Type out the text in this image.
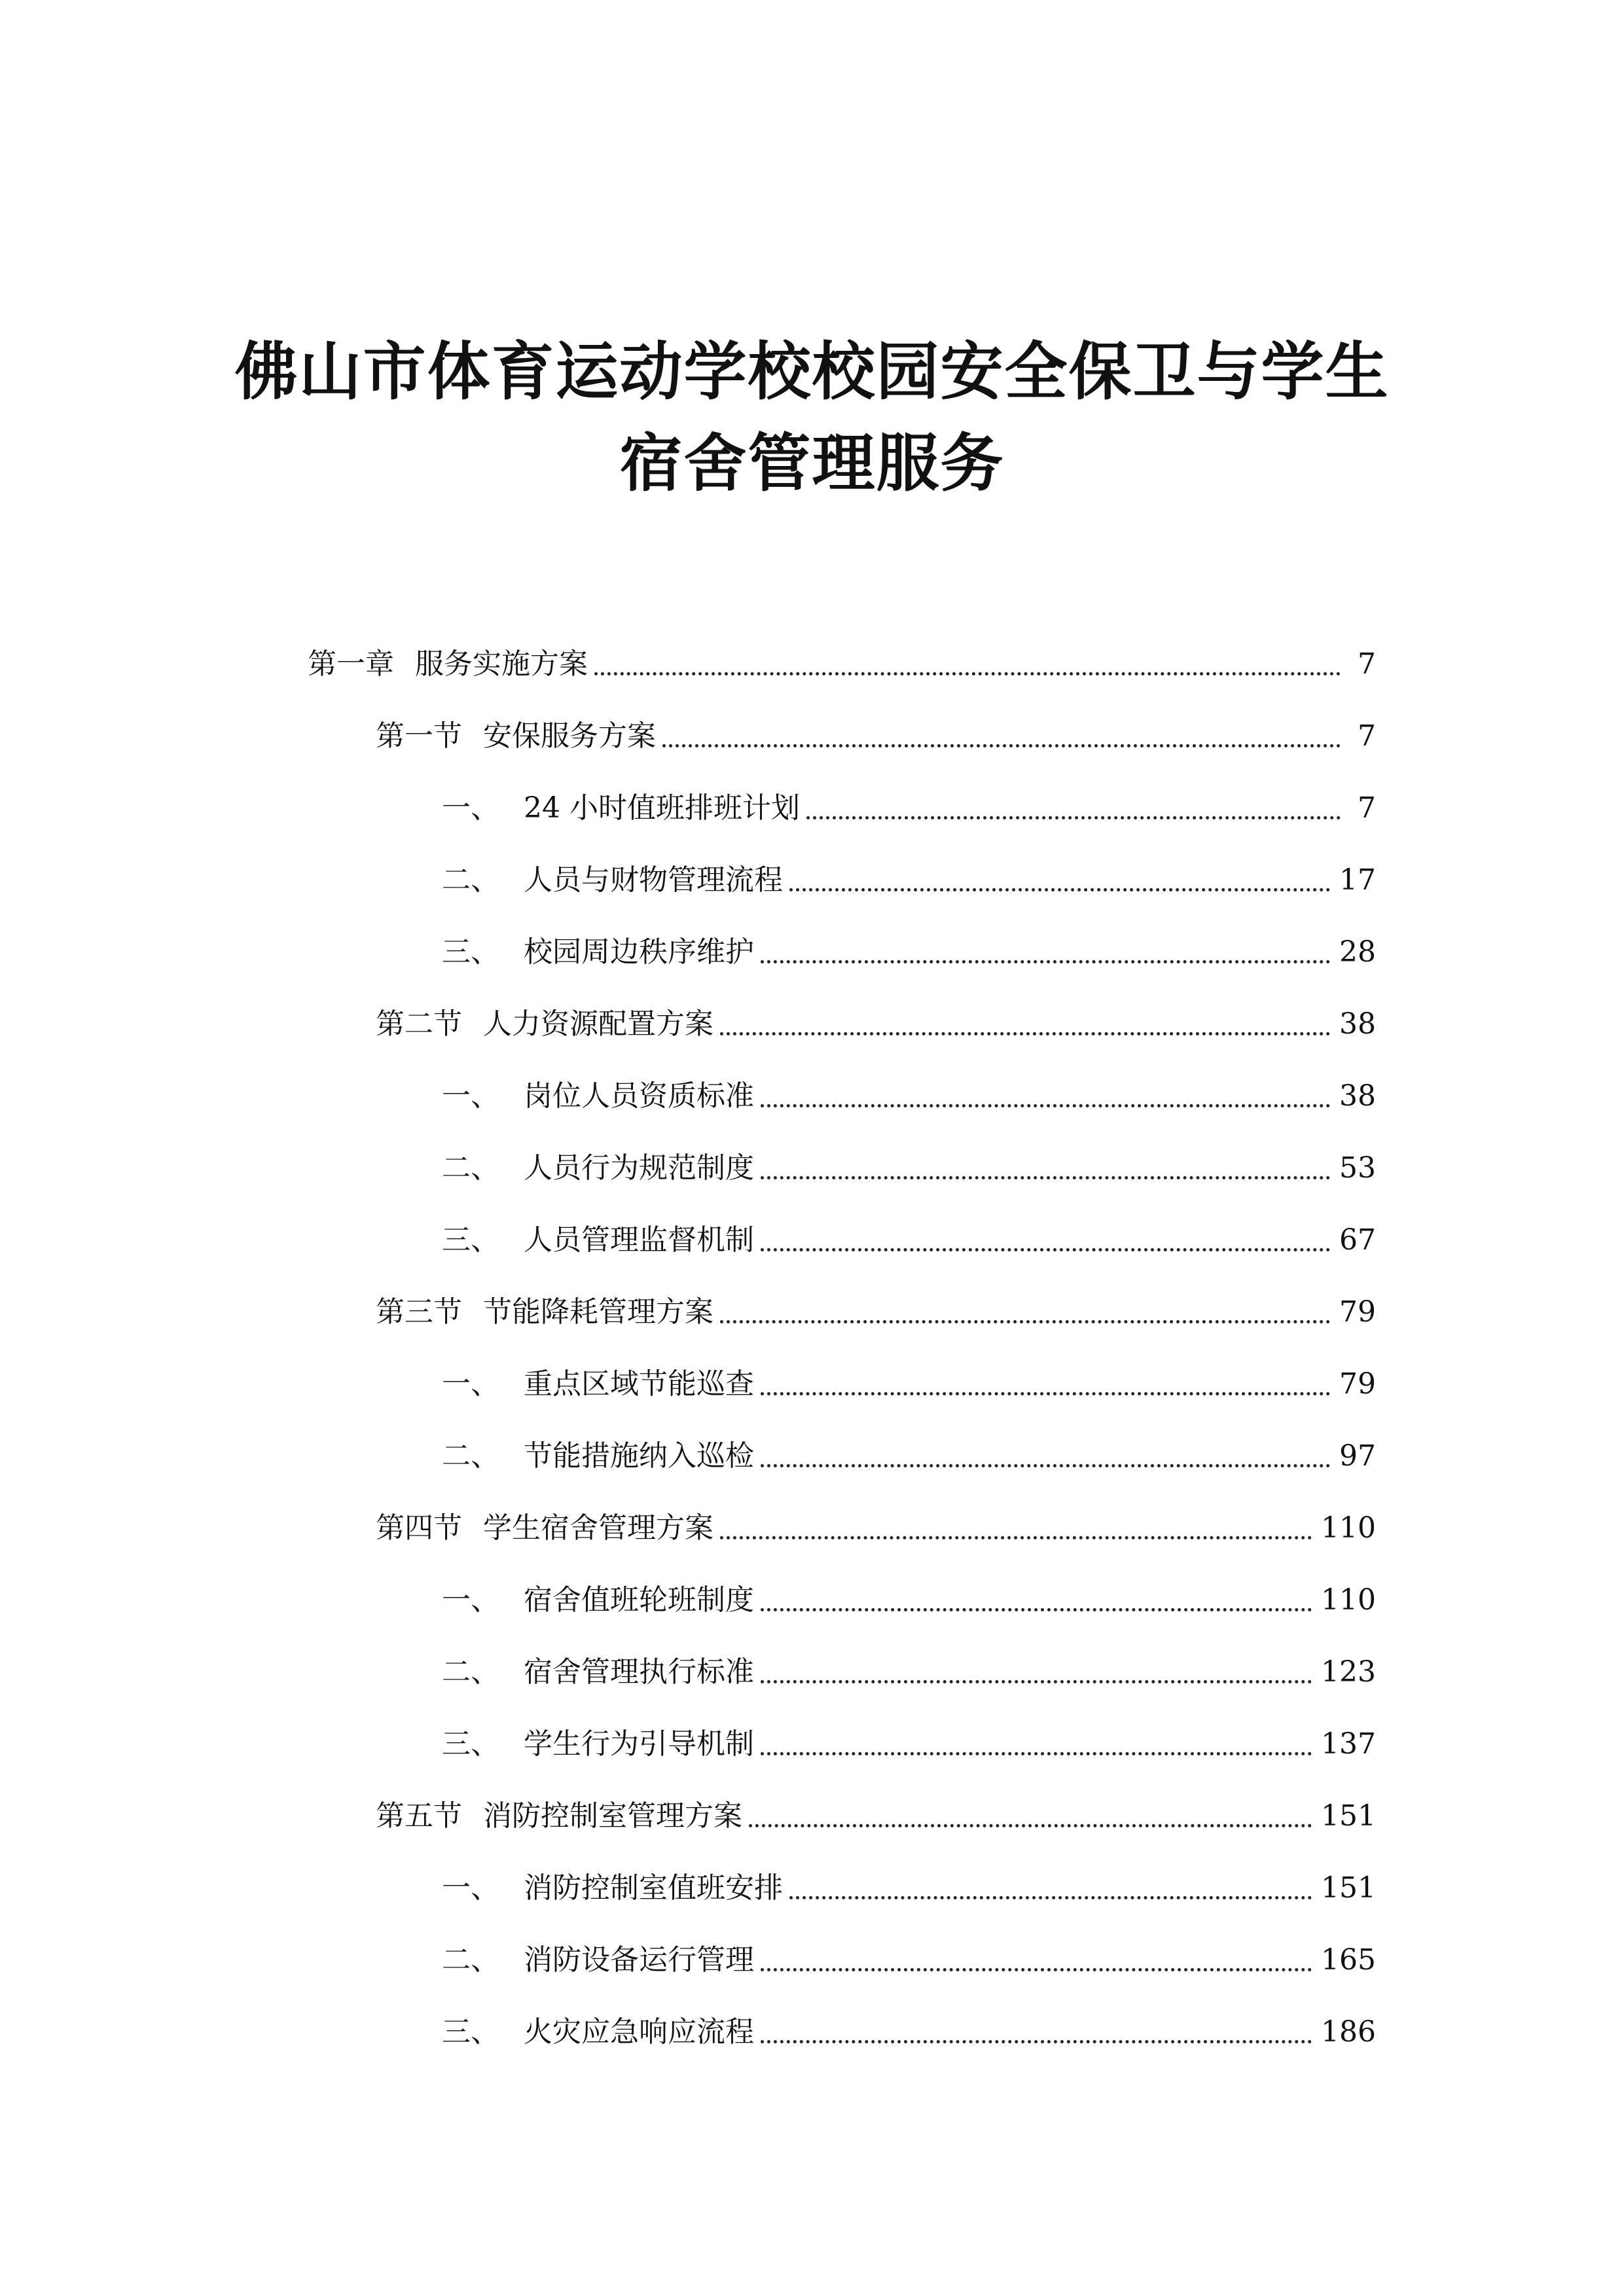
佛山市体育运动学校校园安全保卫与学生
宿舍管理服务
第一章 服务实施方案	7
第一节 安保服务方案	7
一、 24 小时值班排班计划	7
二、 人员与财物管理流程	17
三、 校园周边秩序维护	28
第二节 人力资源配置方案	38
一、 岗位人员资质标准	38
二、 人员行为规范制度	53
三、 人员管理监督机制	67
第三节 节能降耗管理方案	79
一、 重点区域节能巡查	79
二、 节能措施纳入巡检	97
第四节 学生宿舍管理方案	110
一、 宿舍值班轮班制度	110
二、 宿舍管理执行标准	123
三、 学生行为引导机制	137
第五节 消防控制室管理方案	151
一、 消防控制室值班安排	151
二、 消防设备运行管理	165
三、 火灾应急响应流程	186
